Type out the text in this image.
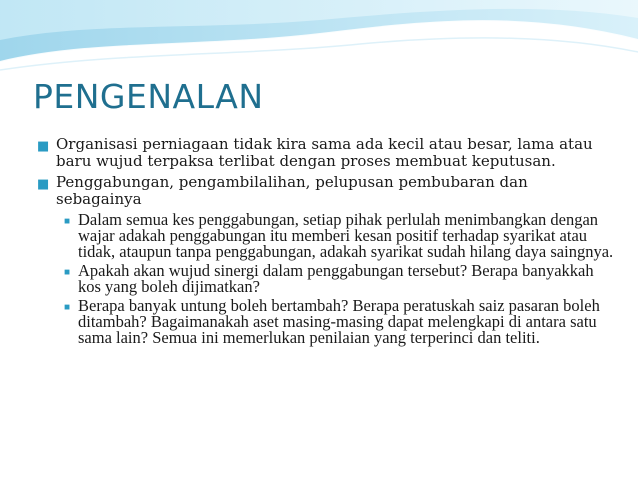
PENGENALAN

■ Organisasi perniagaan tidak kira sama ada kecil atau besar, lama atau baru wujud terpaksa terlibat dengan proses membuat keputusan.

■ Penggabungan, pengambilalihan, pelupusan pembubaran dan sebagainya

■ Dalam semua kes penggabungan, setiap pihak perlulah menimbangkan dengan wajar adakah penggabungan itu memberi kesan positif terhadap syarikat atau tidak, ataupun tanpa penggabungan, adakah syarikat sudah hilang daya saingnya.

■ Apakah akan wujud sinergi dalam penggabungan tersebut? Berapa banyakkah kos yang boleh dijimatkan?

■ Berapa banyak untung boleh bertambah? Berapa peratuskah saiz pasaran boleh ditambah? Bagaimanakah aset masing-masing dapat melengkapi di antara satu sama lain? Semua ini memerlukan penilaian yang terperinci dan teliti.
